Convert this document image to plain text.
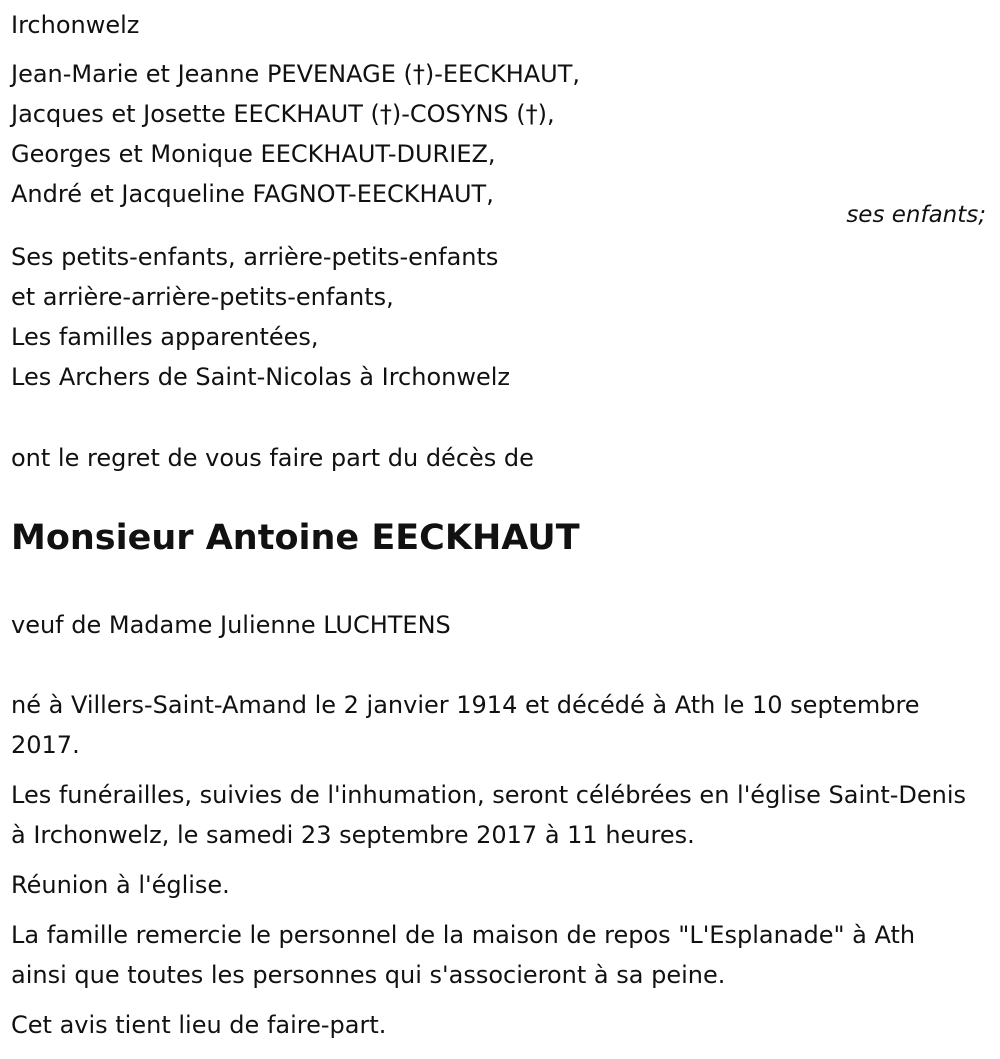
Irchonwelz
Jean-Marie et Jeanne PEVENAGE (†)-EECKHAUT,
Jacques et Josette EECKHAUT (†)-COSYNS (†),
Georges et Monique EECKHAUT-DURIEZ,
André et Jacqueline FAGNOT-EECKHAUT,
ses enfants;
Ses petits-enfants, arrière-petits-enfants
et arrière-arrière-petits-enfants,
Les familles apparentées,
Les Archers de Saint-Nicolas à Irchonwelz
ont le regret de vous faire part du décès de
Monsieur Antoine EECKHAUT
veuf de Madame Julienne LUCHTENS
né à Villers-Saint-Amand le 2 janvier 1914 et décédé à Ath le 10 septembre 2017.
Les funérailles, suivies de l'inhumation, seront célébrées en l'église Saint-Denis à Irchonwelz, le samedi 23 septembre 2017 à 11 heures.
Réunion à l'église.
La famille remercie le personnel de la maison de repos "L'Esplanade" à Ath ainsi que toutes les personnes qui s'associeront à sa peine.
Cet avis tient lieu de faire-part.
